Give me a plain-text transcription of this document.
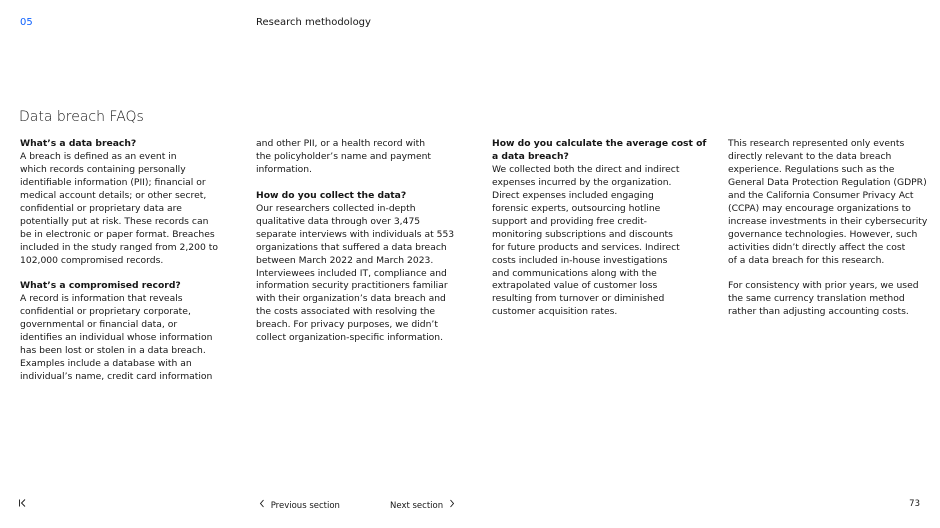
05	Research methodology
Data breach FAQs

What’s a data breach?
A breach is defined as an event in
which records containing personally
identifiable information (PII); financial or
medical account details; or other secret,
confidential or proprietary data are
potentially put at risk. These records can
be in electronic or paper format. Breaches
included in the study ranged from 2,200 to
102,000 compromised records.

What’s a compromised record?
A record is information that reveals
confidential or proprietary corporate,
governmental or financial data, or
identifies an individual whose information
has been lost or stolen in a data breach.
Examples include a database with an
individual’s name, credit card information

and other PII, or a health record with
the policyholder’s name and payment
information.

How do you collect the data?
Our researchers collected in-depth
qualitative data through over 3,475
separate interviews with individuals at 553
organizations that suffered a data breach
between March 2022 and March 2023.
Interviewees included IT, compliance and
information security practitioners familiar
with their organization’s data breach and
the costs associated with resolving the
breach. For privacy purposes, we didn’t
collect organization-specific information.

How do you calculate the average cost of
a data breach?
We collected both the direct and indirect
expenses incurred by the organization.
Direct expenses included engaging
forensic experts, outsourcing hotline
support and providing free credit-
monitoring subscriptions and discounts
for future products and services. Indirect
costs included in-house investigations
and communications along with the
extrapolated value of customer loss
resulting from turnover or diminished
customer acquisition rates.

This research represented only events
directly relevant to the data breach
experience. Regulations such as the
General Data Protection Regulation (GDPR)
and the California Consumer Privacy Act
(CCPA) may encourage organizations to
increase investments in their cybersecurity
governance technologies. However, such
activities didn’t directly affect the cost
of a data breach for this research.

For consistency with prior years, we used
the same currency translation method
rather than adjusting accounting costs.

Previous section	Next section	73
